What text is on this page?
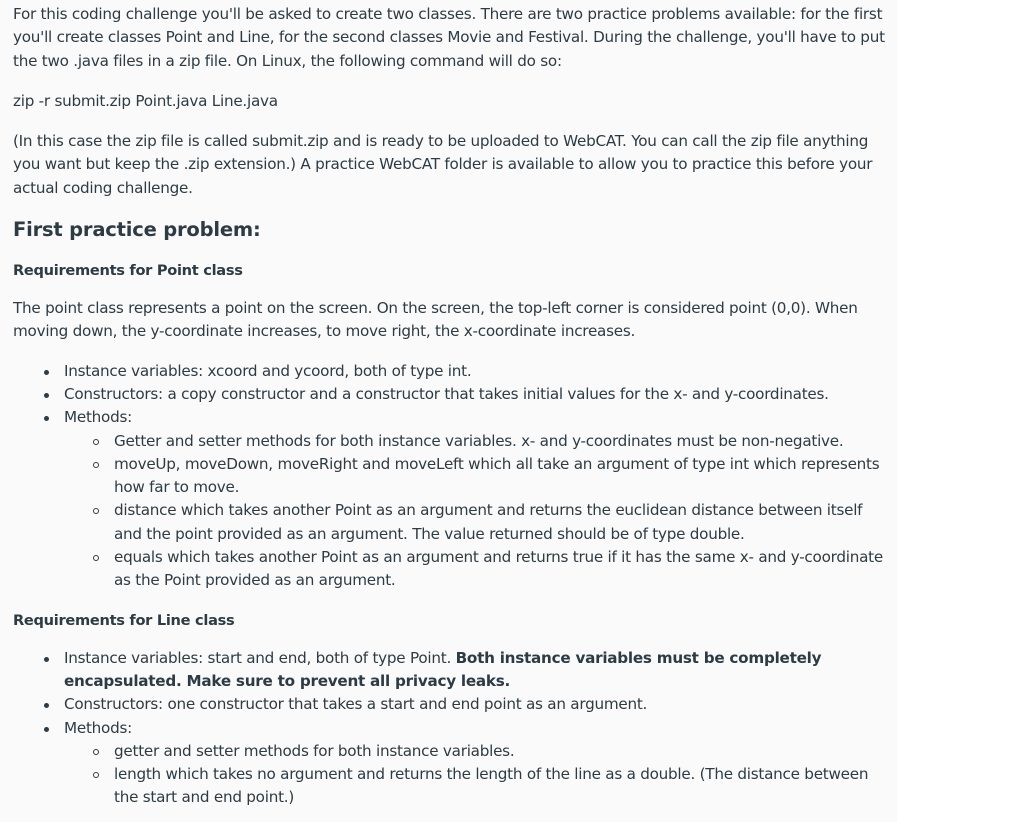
For this coding challenge you'll be asked to create two classes. There are two practice problems available: for the first you'll create classes Point and Line, for the second classes Movie and Festival. During the challenge, you'll have to put the two .java files in a zip file. On Linux, the following command will do so:

zip -r submit.zip Point.java Line.java

(In this case the zip file is called submit.zip and is ready to be uploaded to WebCAT. You can call the zip file anything you want but keep the .zip extension.) A practice WebCAT folder is available to allow you to practice this before your actual coding challenge.

First practice problem:
Requirements for Point class

The point class represents a point on the screen. On the screen, the top-left corner is considered point (0,0). When moving down, the y-coordinate increases, to move right, the x-coordinate increases.

Instance variables: xcoord and ycoord, both of type int.
Constructors: a copy constructor and a constructor that takes initial values for the x- and y-coordinates.
Methods:
Getter and setter methods for both instance variables. x- and y-coordinates must be non-negative.
moveUp, moveDown, moveRight and moveLeft which all take an argument of type int which represents how far to move.
distance which takes another Point as an argument and returns the euclidean distance between itself and the point provided as an argument. The value returned should be of type double.
equals which takes another Point as an argument and returns true if it has the same x- and y-coordinate as the Point provided as an argument.
Requirements for Line class
Instance variables: start and end, both of type Point. Both instance variables must be completely encapsulated. Make sure to prevent all privacy leaks.
Constructors: one constructor that takes a start and end point as an argument.
Methods:
getter and setter methods for both instance variables.
length which takes no argument and returns the length of the line as a double. (The distance between the start and end point.)
